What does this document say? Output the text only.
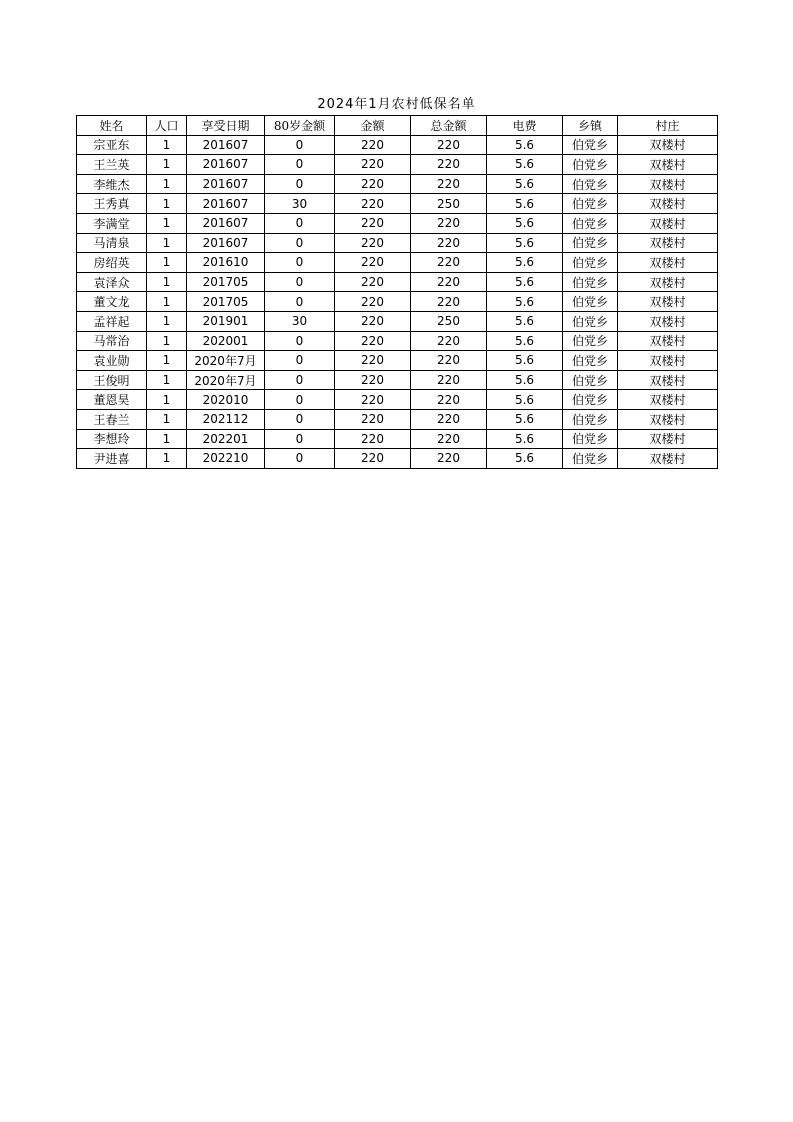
2024年1月农村低保名单
姓名	人口	享受日期	80岁金额	金额	总金额	电费	乡镇	村庄
宗亚东	1	201607	0	220	220	5.6	伯党乡	双楼村
王兰英	1	201607	0	220	220	5.6	伯党乡	双楼村
李维杰	1	201607	0	220	220	5.6	伯党乡	双楼村
王秀真	1	201607	30	220	250	5.6	伯党乡	双楼村
李满堂	1	201607	0	220	220	5.6	伯党乡	双楼村
马清泉	1	201607	0	220	220	5.6	伯党乡	双楼村
房绍英	1	201610	0	220	220	5.6	伯党乡	双楼村
袁泽众	1	201705	0	220	220	5.6	伯党乡	双楼村
董文龙	1	201705	0	220	220	5.6	伯党乡	双楼村
孟祥起	1	201901	30	220	250	5.6	伯党乡	双楼村
马常治	1	202001	0	220	220	5.6	伯党乡	双楼村
袁业勋	1	2020年7月	0	220	220	5.6	伯党乡	双楼村
王俊明	1	2020年7月	0	220	220	5.6	伯党乡	双楼村
董恩昊	1	202010	0	220	220	5.6	伯党乡	双楼村
王春兰	1	202112	0	220	220	5.6	伯党乡	双楼村
李想玲	1	202201	0	220	220	5.6	伯党乡	双楼村
尹进喜	1	202210	0	220	220	5.6	伯党乡	双楼村
